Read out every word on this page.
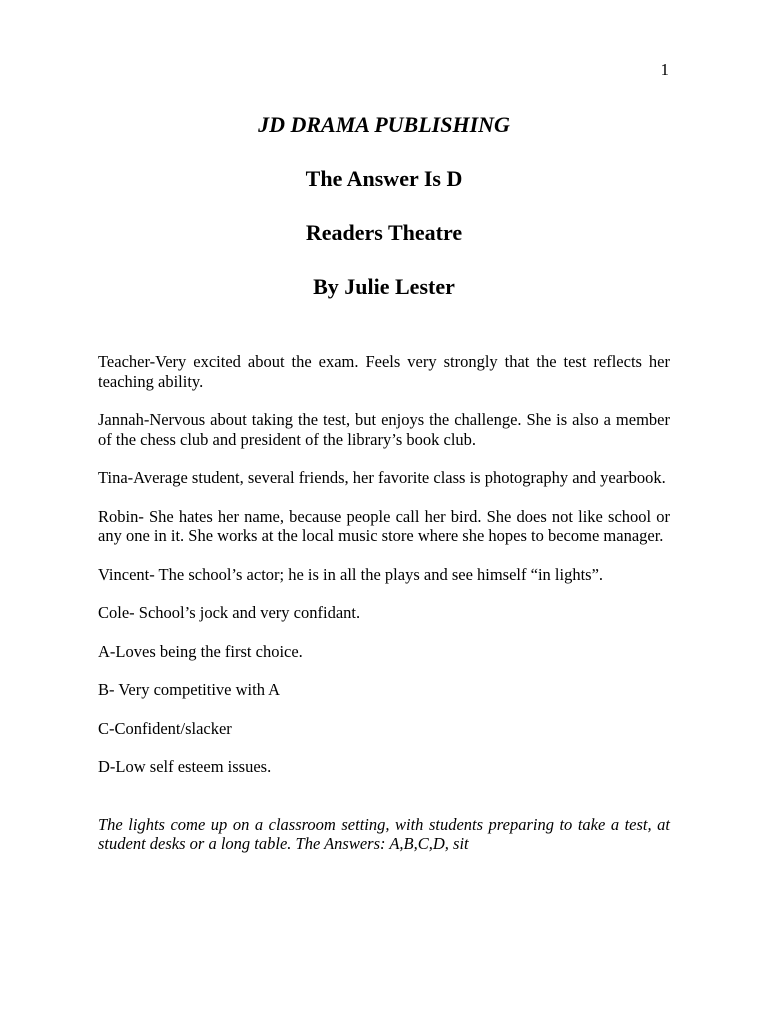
1
JD DRAMA PUBLISHING
The Answer Is D
Readers Theatre
By Julie Lester

Teacher-Very excited about the exam. Feels very strongly that the test reflects her teaching ability.

Jannah-Nervous about taking the test, but enjoys the challenge. She is also a member of the chess club and president of the library’s book club.

Tina-Average student, several friends, her favorite class is photography and yearbook.

Robin- She hates her name, because people call her bird. She does not like school or any one in it. She works at the local music store where she hopes to become manager.

Vincent- The school’s actor; he is in all the plays and see himself “in lights”.

Cole- School’s jock and very confidant.

A-Loves being the first choice.

B- Very competitive with A

C-Confident/slacker

D-Low self esteem issues.

The lights come up on a classroom setting, with students preparing to take a test, at student desks or a long table. The Answers: A,B,C,D, sit
